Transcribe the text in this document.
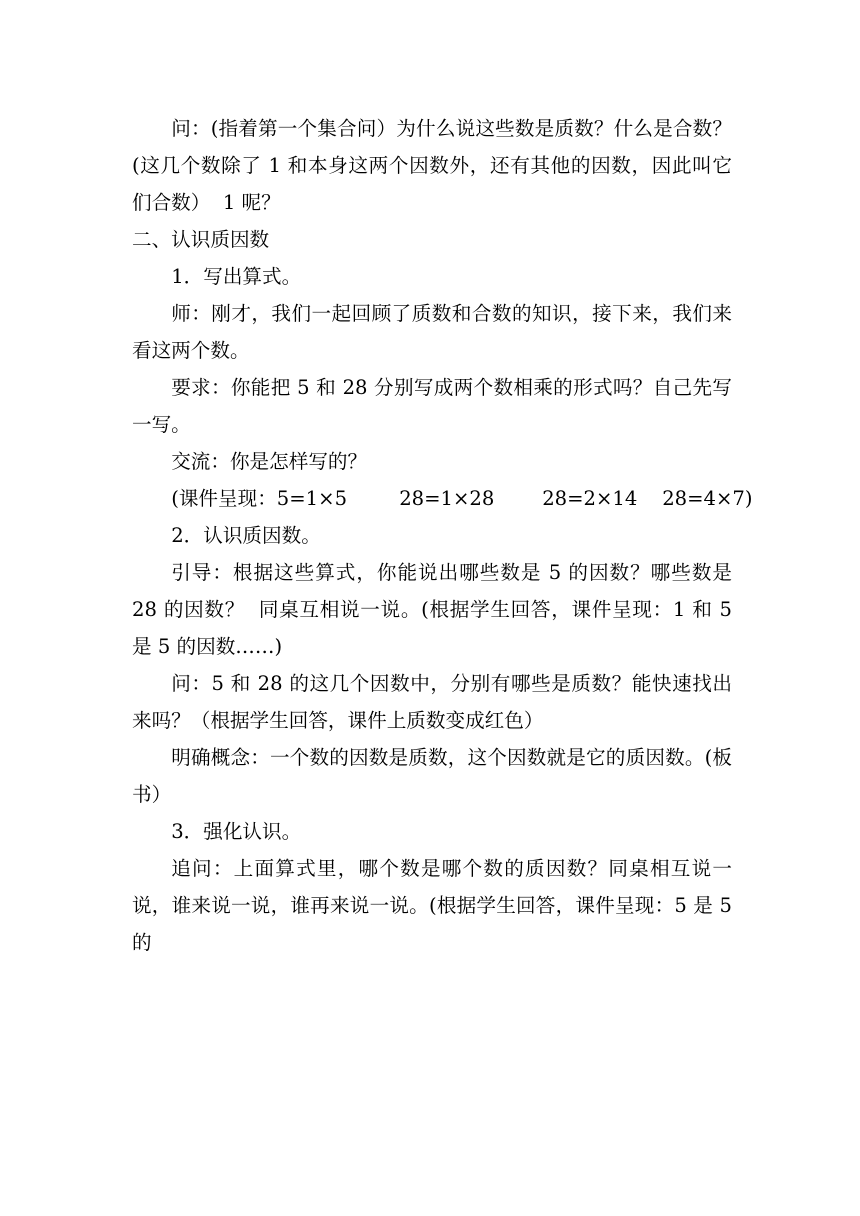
问：(指着第一个集合问）为什么说这些数是质数？什么是合数？(这几个数除了 1 和本身这两个因数外，还有其他的因数，因此叫它们合数）  1 呢？

二、认识质因数

1．写出算式。

师：刚才，我们一起回顾了质数和合数的知识，接下来，我们来看这两个数。

要求：你能把 5 和 28 分别写成两个数相乘的形式吗？自己先写一写。

交流：你是怎样写的？

(课件呈现：5=1×5	28=1×28 28=2×14 28=4×7)

2．认识质因数。

引导：根据这些算式，你能说出哪些数是 5 的因数？哪些数是 28 的因数？  同桌互相说一说。(根据学生回答，课件呈现：1 和 5 是 5 的因数……)

问：5 和 28 的这几个因数中，分别有哪些是质数？能快速找出来吗？（根据学生回答，课件上质数变成红色）

明确概念：一个数的因数是质数，这个因数就是它的质因数。(板书）

3．强化认识。

追问：上面算式里，哪个数是哪个数的质因数？同桌相互说一说，谁来说一说，谁再来说一说。(根据学生回答，课件呈现：5 是 5 的
